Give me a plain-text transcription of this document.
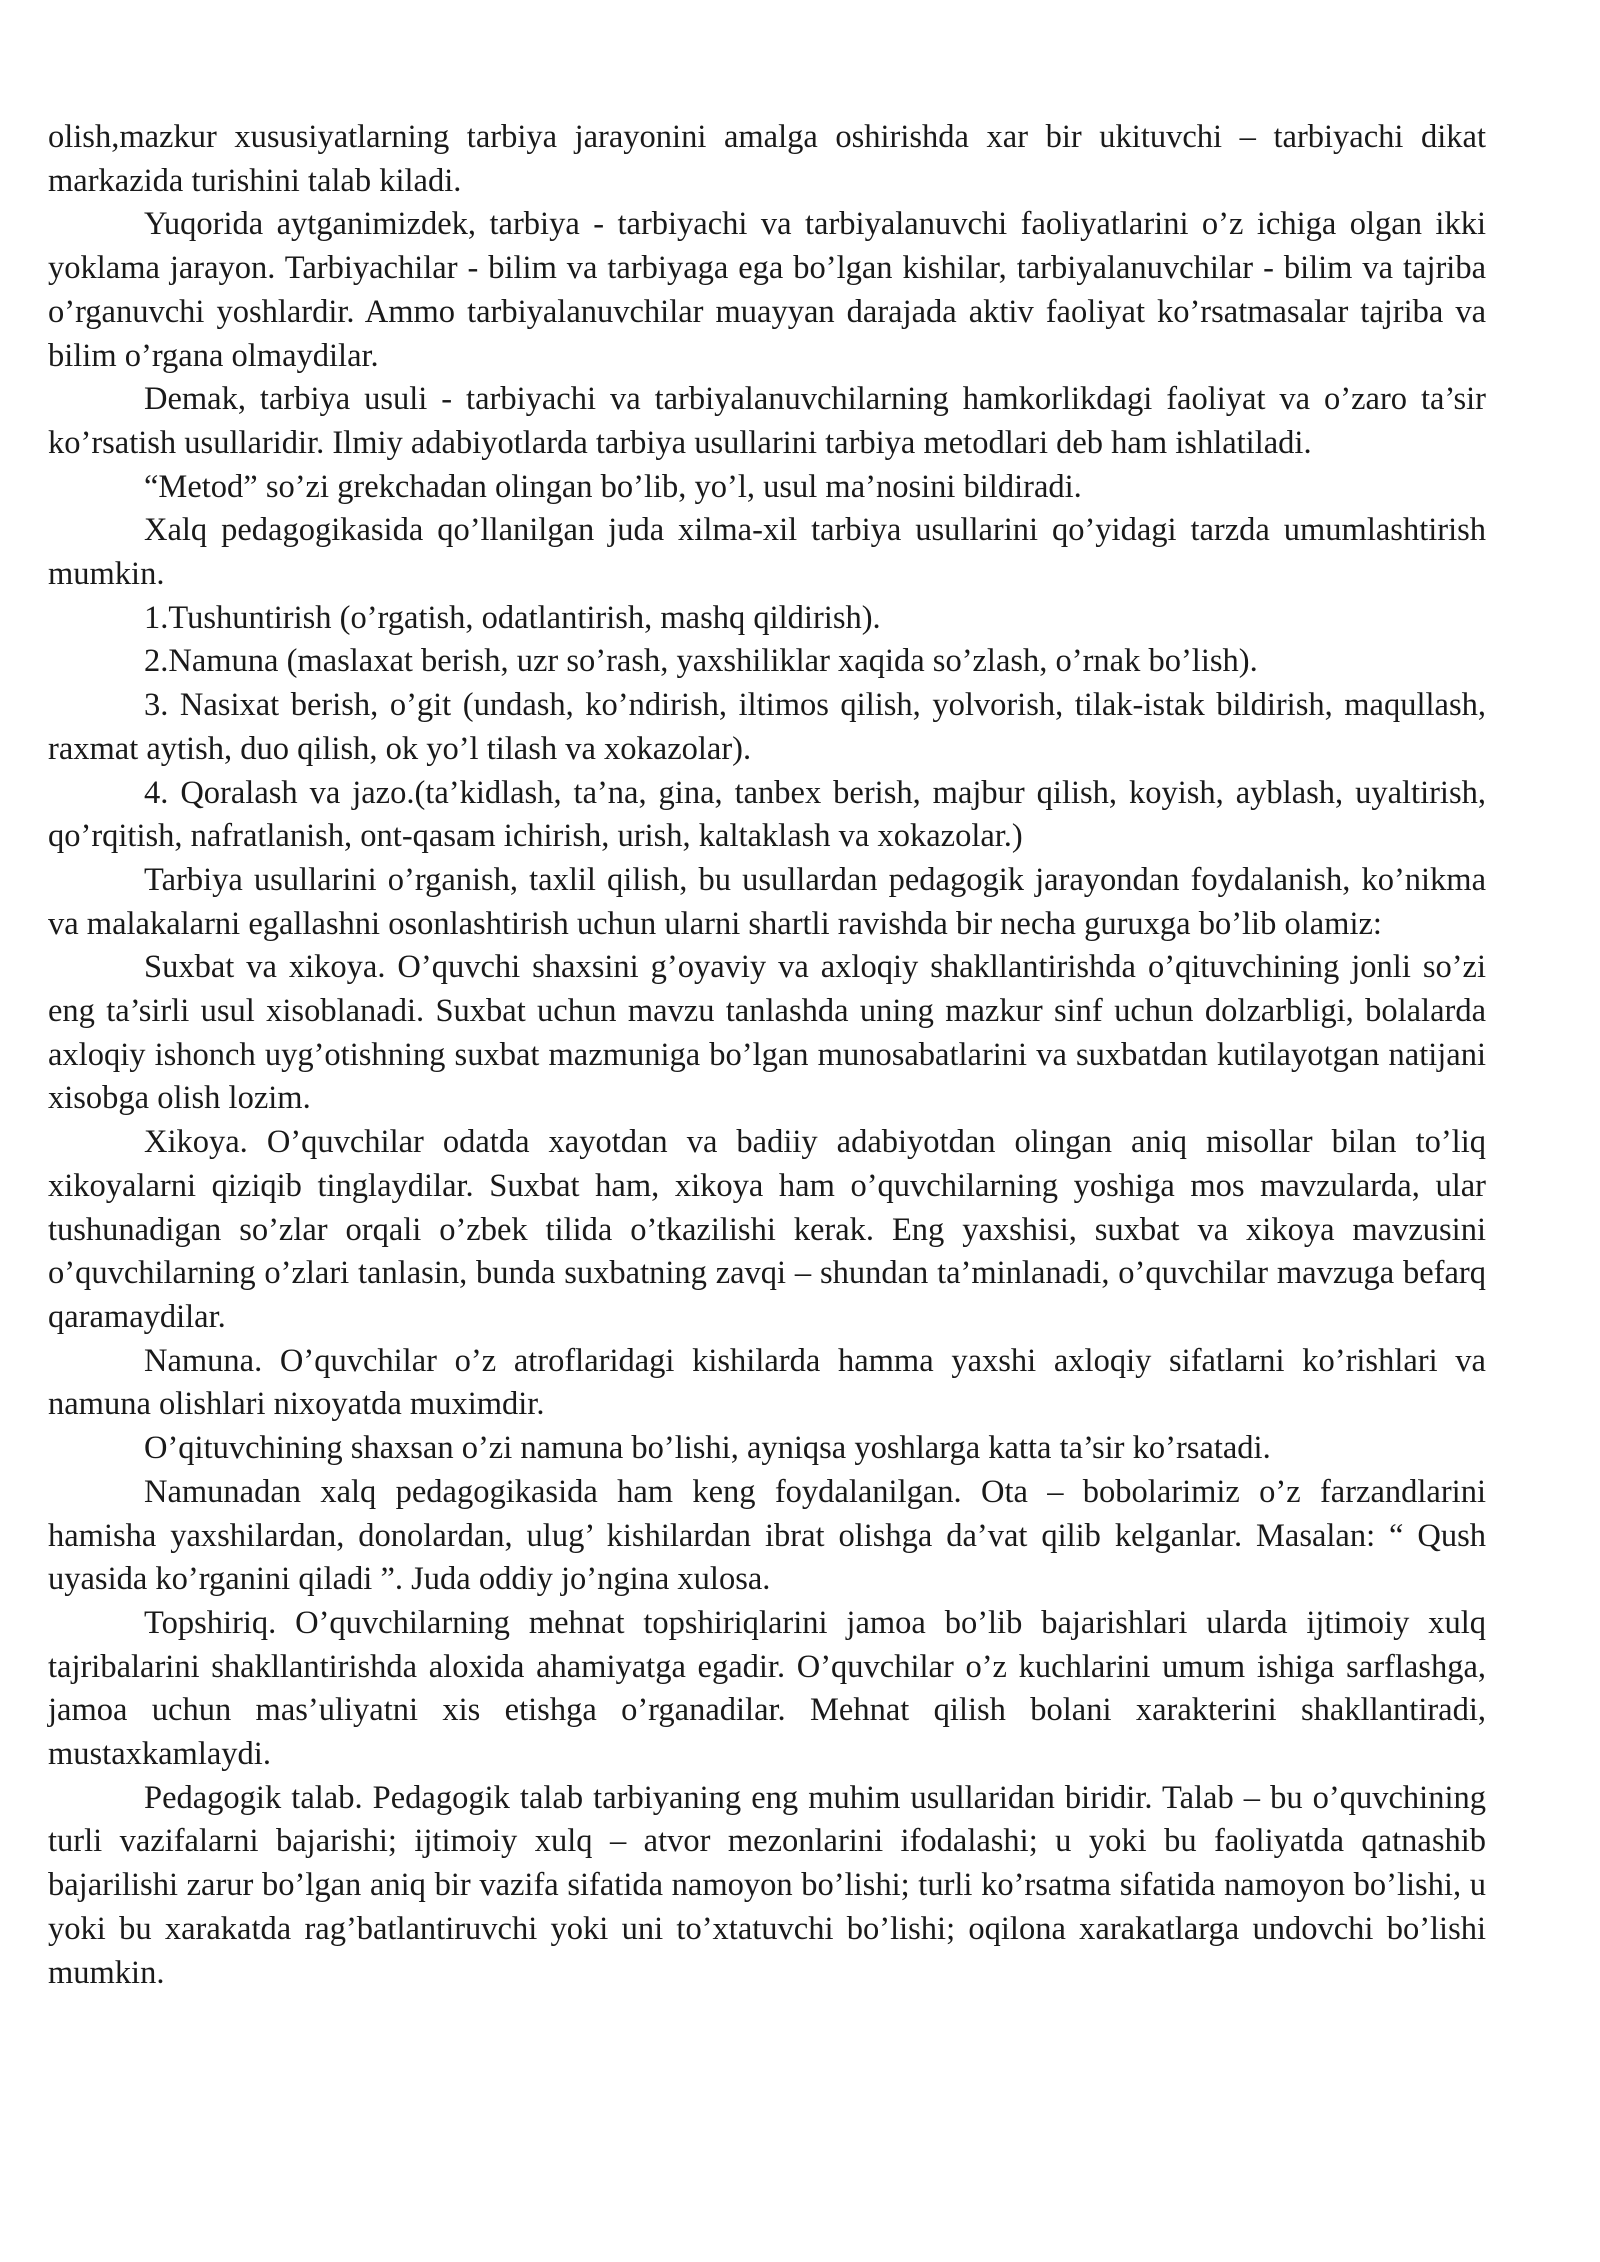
olish,mazkur xususiyatlarning tarbiya jarayonini amalga oshirishda xar bir ukituvchi – tarbiyachi dikat markazida turishini talab kiladi.

Yuqorida aytganimizdek, tarbiya - tarbiyachi va tarbiyalanuvchi faoliyatlarini o’z ichiga olgan ikki yoklama jarayon. Tarbiyachilar - bilim va tarbiyaga ega bo’lgan kishilar, tarbiyalanuvchilar - bilim va tajriba o’rganuvchi yoshlardir. Ammo tarbiyalanuvchilar muayyan darajada aktiv faoliyat ko’rsatmasalar tajriba va bilim o’rgana olmaydilar.

Demak, tarbiya usuli - tarbiyachi va tarbiyalanuvchilarning hamkorlikdagi faoliyat va o’zaro ta’sir ko’rsatish usullaridir. Ilmiy adabiyotlarda tarbiya usullarini tarbiya metodlari deb ham ishlatiladi.

“Metod” so’zi grekchadan olingan bo’lib, yo’l, usul ma’nosini bildiradi.

Xalq pedagogikasida qo’llanilgan juda xilma-xil tarbiya usullarini qo’yidagi tarzda umumlashtirish mumkin.

1.Tushuntirish (o’rgatish, odatlantirish, mashq qildirish).

2.Namuna (maslaxat berish, uzr so’rash, yaxshiliklar xaqida so’zlash, o’rnak bo’lish).

3. Nasixat berish, o’git (undash, ko’ndirish, iltimos qilish, yolvorish, tilak-istak bildirish, maqullash, raxmat aytish, duo qilish, ok yo’l tilash va xokazolar).

4. Qoralash va jazo.(ta’kidlash, ta’na, gina, tanbex berish, majbur qilish, koyish, ayblash, uyaltirish, qo’rqitish, nafratlanish, ont-qasam ichirish, urish, kaltaklash va xokazolar.)

Tarbiya usullarini o’rganish, taxlil qilish, bu usullardan pedagogik jarayondan foydalanish, ko’nikma va malakalarni egallashni osonlashtirish uchun ularni shartli ravishda bir necha guruxga bo’lib olamiz:

Suxbat va xikoya. O’quvchi shaxsini g’oyaviy va axloqiy shakllantirishda o’qituvchining jonli so’zi eng ta’sirli usul xisoblanadi. Suxbat uchun mavzu tanlashda uning mazkur sinf uchun dolzarbligi, bolalarda axloqiy ishonch uyg’otishning suxbat mazmuniga bo’lgan munosabatlarini va suxbatdan kutilayotgan natijani xisobga olish lozim.

Xikoya. O’quvchilar odatda xayotdan va badiiy adabiyotdan olingan aniq misollar bilan to’liq xikoyalarni qiziqib tinglaydilar. Suxbat ham, xikoya ham o’quvchilarning yoshiga mos mavzularda, ular tushunadigan so’zlar orqali o’zbek tilida o’tkazilishi kerak. Eng yaxshisi, suxbat va xikoya mavzusini o’quvchilarning o’zlari tanlasin, bunda suxbatning zavqi – shundan ta’minlanadi, o’quvchilar mavzuga befarq qaramaydilar.

Namuna. O’quvchilar o’z atroflaridagi kishilarda hamma yaxshi axloqiy sifatlarni ko’rishlari va namuna olishlari nixoyatda muximdir.

O’qituvchining shaxsan o’zi namuna bo’lishi, ayniqsa yoshlarga katta ta’sir ko’rsatadi.

Namunadan xalq pedagogikasida ham keng foydalanilgan. Ota – bobolarimiz o’z farzandlarini hamisha yaxshilardan, donolardan, ulug’ kishilardan ibrat olishga da’vat qilib kelganlar. Masalan: “ Qush uyasida ko’rganini qiladi ”. Juda oddiy jo’ngina xulosa.

Topshiriq. O’quvchilarning mehnat topshiriqlarini jamoa bo’lib bajarishlari ularda ijtimoiy xulq tajribalarini shakllantirishda aloxida ahamiyatga egadir. O’quvchilar o’z kuchlarini umum ishiga sarflashga, jamoa uchun mas’uliyatni xis etishga o’rganadilar. Mehnat qilish bolani xarakterini shakllantiradi, mustaxkamlaydi.

Pedagogik talab. Pedagogik talab tarbiyaning eng muhim usullaridan biridir. Talab – bu o’quvchining turli vazifalarni bajarishi; ijtimoiy xulq – atvor mezonlarini ifodalashi; u yoki bu faoliyatda qatnashib bajarilishi zarur bo’lgan aniq bir vazifa sifatida namoyon bo’lishi; turli ko’rsatma sifatida namoyon bo’lishi, u yoki bu xarakatda rag’batlantiruvchi yoki uni to’xtatuvchi bo’lishi; oqilona xarakatlarga undovchi bo’lishi mumkin.
